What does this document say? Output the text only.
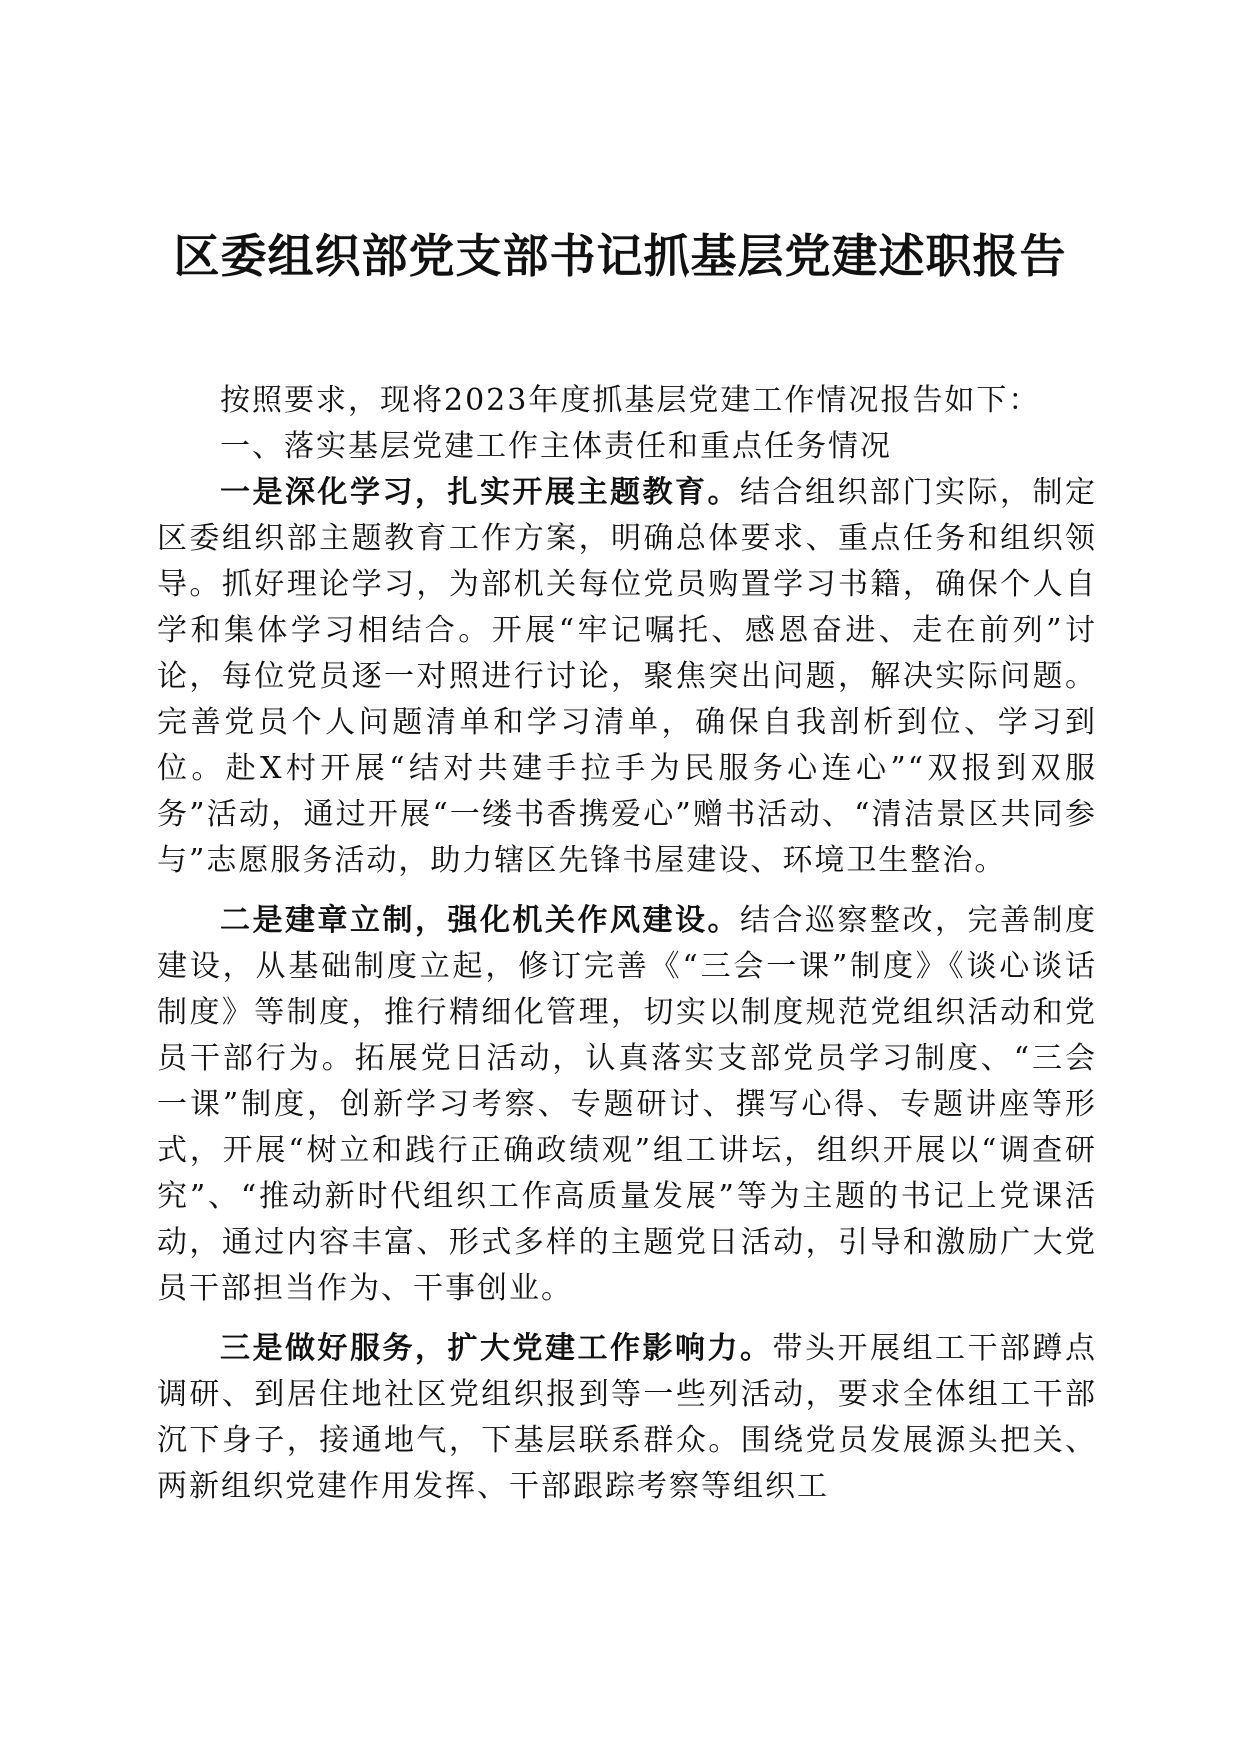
区委组织部党支部书记抓基层党建述职报告

按照要求，现将2023年度抓基层党建工作情况报告如下：

一、落实基层党建工作主体责任和重点任务情况

一是深化学习，扎实开展主题教育。结合组织部门实际，制定区委组织部主题教育工作方案，明确总体要求、重点任务和组织领导。抓好理论学习，为部机关每位党员购置学习书籍，确保个人自学和集体学习相结合。开展“牢记嘱托、感恩奋进、走在前列”讨论，每位党员逐一对照进行讨论，聚焦突出问题，解决实际问题。完善党员个人问题清单和学习清单，确保自我剖析到位、学习到位。赴X村开展“结对共建手拉手为民服务心连心”“双报到双服务”活动，通过开展“一缕书香携爱心”赠书活动、“清洁景区共同参与”志愿服务活动，助力辖区先锋书屋建设、环境卫生整治。

二是建章立制，强化机关作风建设。结合巡察整改，完善制度建设，从基础制度立起，修订完善《“三会一课”制度》《谈心谈话制度》等制度，推行精细化管理，切实以制度规范党组织活动和党员干部行为。拓展党日活动，认真落实支部党员学习制度、“三会一课”制度，创新学习考察、专题研讨、撰写心得、专题讲座等形式，开展“树立和践行正确政绩观”组工讲坛，组织开展以“调查研究”、“推动新时代组织工作高质量发展”等为主题的书记上党课活动，通过内容丰富、形式多样的主题党日活动，引导和激励广大党员干部担当作为、干事创业。

三是做好服务，扩大党建工作影响力。带头开展组工干部蹲点调研、到居住地社区党组织报到等一些列活动，要求全体组工干部沉下身子，接通地气，下基层联系群众。围绕党员发展源头把关、两新组织党建作用发挥、干部跟踪考察等组织工
